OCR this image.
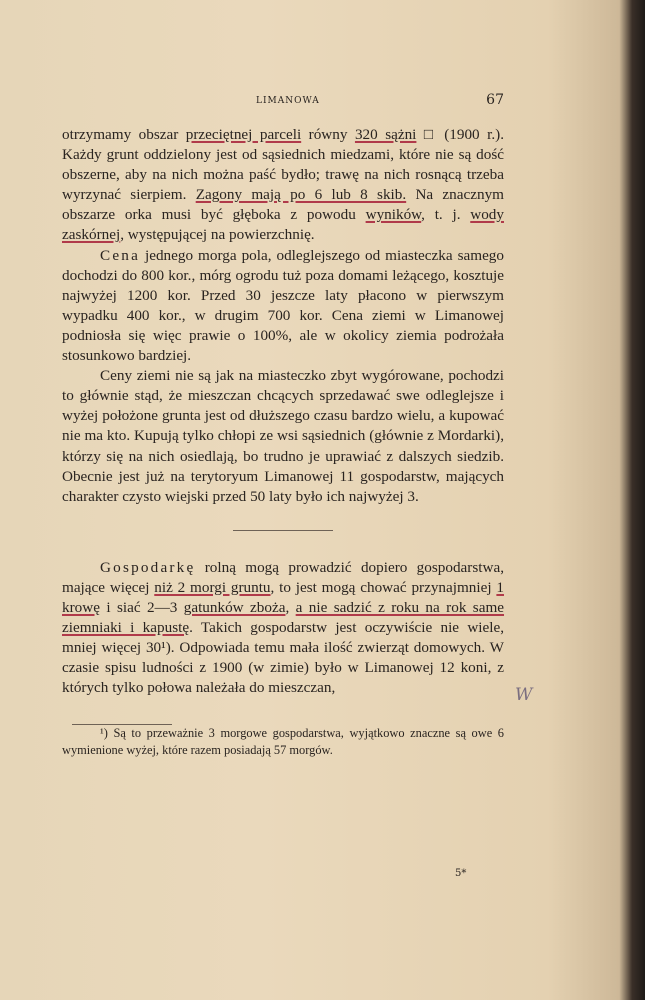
LIMANOWA	67

otrzymamy obszar przeciętnej parceli równy 320 sążni □ (1900 r.). Każdy grunt oddzielony jest od sąsiednich miedzami, które nie są dość obszerne, aby na nich można paść bydło; trawę na nich rosnącą trzeba wyrzynać sierpiem. Zagony mają po 6 lub 8 skib. Na znacznym obszarze orka musi być głęboka z powodu wyników, t. j. wody zaskórnej, występującej na powierzchnię.

Cena jednego morga pola, odleglejszego od miasteczka samego dochodzi do 800 kor., mórg ogrodu tuż poza domami leżącego, kosztuje najwyżej 1200 kor. Przed 30 jeszcze laty płacono w pierwszym wypadku 400 kor., w drugim 700 kor. Cena ziemi w Limanowej podniosła się więc prawie o 100%, ale w okolicy ziemia podrożała stosunkowo bardziej.

Ceny ziemi nie są jak na miasteczko zbyt wygórowane, pochodzi to głównie stąd, że mieszczan chcących sprzedawać swe odleglejsze i wyżej położone grunta jest od dłuższego czasu bardzo wielu, a kupować nie ma kto. Kupują tylko chłopi ze wsi sąsiednich (głównie z Mordarki), którzy się na nich osiedlają, bo trudno je uprawiać z dalszych siedzib. Obecnie jest już na terytoryum Limanowej 11 gospodarstw, mających charakter czysto wiejski przed 50 laty było ich najwyżej 3.

Gospodarkę rolną mogą prowadzić dopiero gospodarstwa, mające więcej niż 2 morgi gruntu, to jest mogą chować przynajmniej 1 krowę i siać 2—3 gatunków zboża, a nie sadzić z roku na rok same ziemniaki i kapustę. Takich gospodarstw jest oczywiście nie wiele, mniej więcej 30¹). Odpowiada temu mała ilość zwierząt domowych. W czasie spisu ludności z 1900 (w zimie) było w Limanowej 12 koni, z których tylko połowa należała do mieszczan,

¹) Są to przeważnie 3 morgowe gospodarstwa, wyjątkowo znaczne są owe 6 wymienione wyżej, które razem posiadają 57 morgów.

5*
W
